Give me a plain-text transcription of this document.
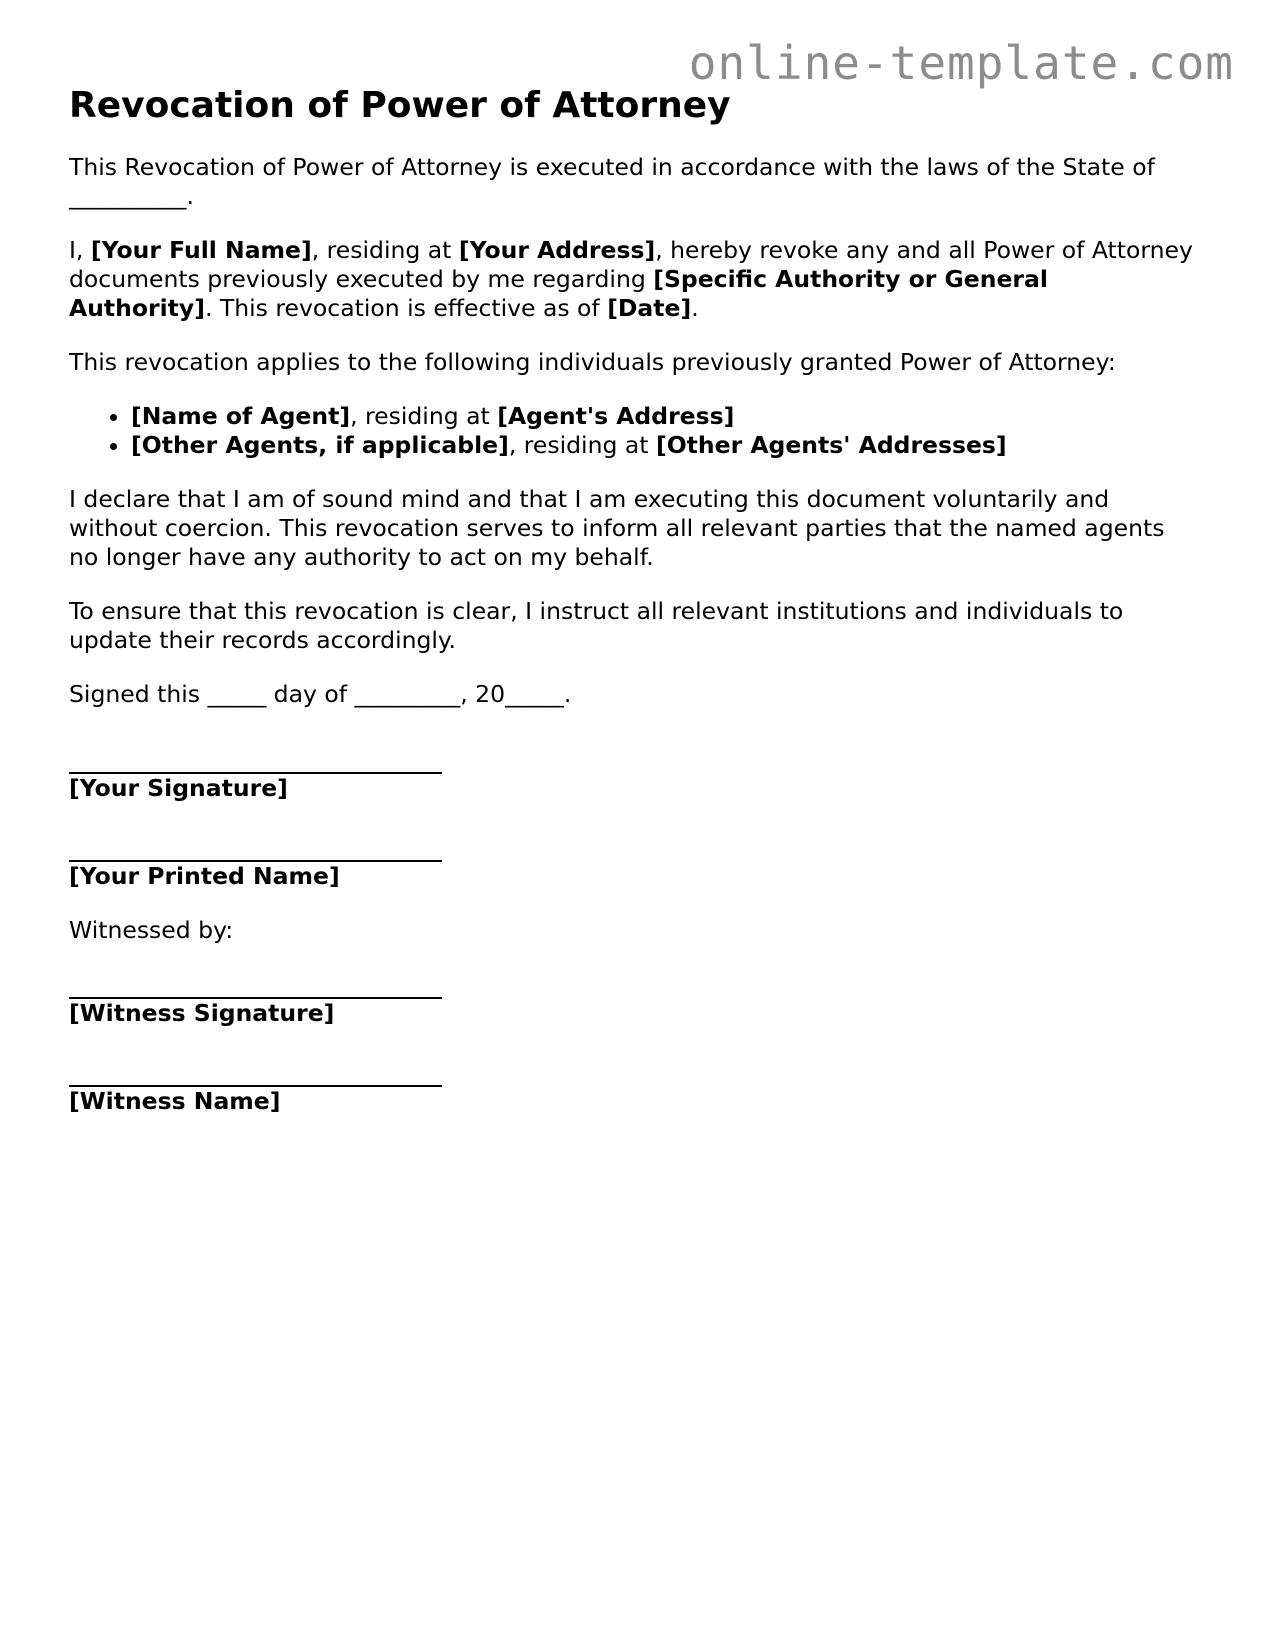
online-template.com
Revocation of Power of Attorney

This Revocation of Power of Attorney is executed in accordance with the laws of the State of __________.

I, [Your Full Name], residing at [Your Address], hereby revoke any and all Power of Attorney documents previously executed by me regarding [Specific Authority or General Authority]. This revocation is effective as of [Date].

This revocation applies to the following individuals previously granted Power of Attorney:

• [Name of Agent], residing at [Agent's Address]
• [Other Agents, if applicable], residing at [Other Agents' Addresses]

I declare that I am of sound mind and that I am executing this document voluntarily and without coercion. This revocation serves to inform all relevant parties that the named agents no longer have any authority to act on my behalf.

To ensure that this revocation is clear, I instruct all relevant institutions and individuals to update their records accordingly.

Signed this _____ day of _________, 20_____.

[Your Signature]
[Your Printed Name]

Witnessed by:

[Witness Signature]
[Witness Name]
